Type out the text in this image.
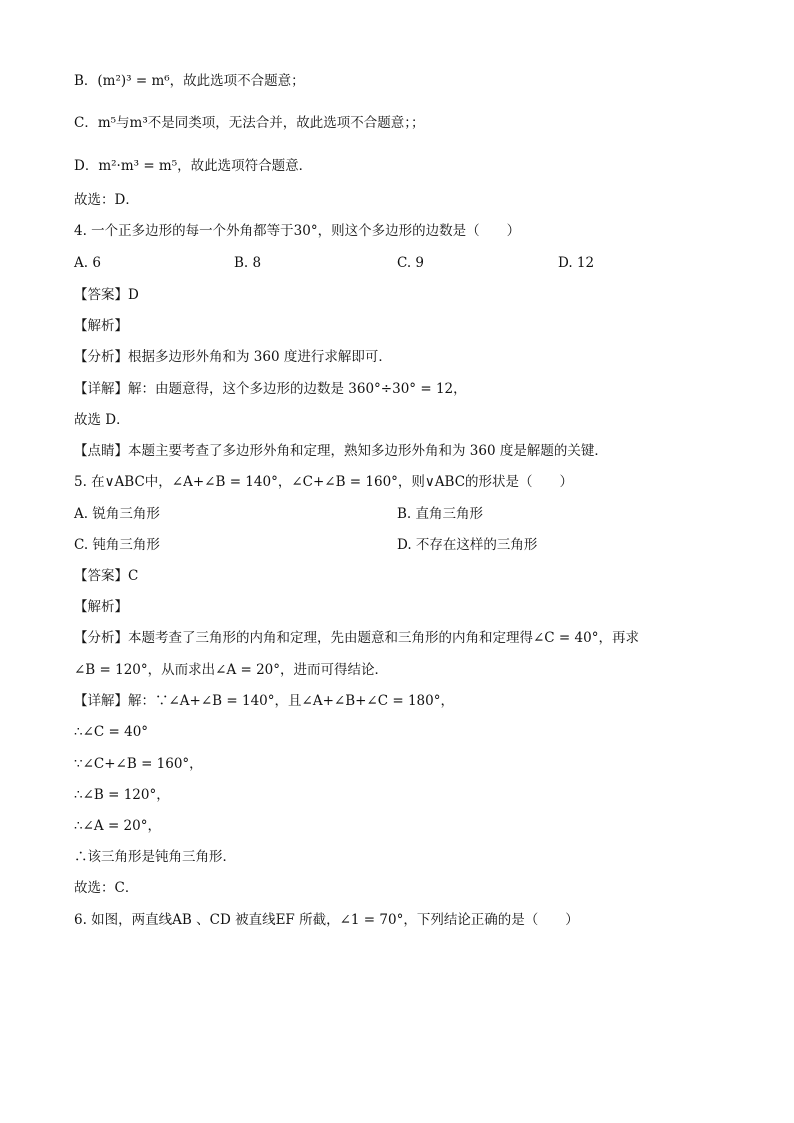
B．(m²)³ = m⁶，故此选项不合题意；
C．m⁵与m³不是同类项，无法合并，故此选项不合题意；；
D．m²·m³ = m⁵，故此选项符合题意．
故选：D．
4. 一个正多边形的每一个外角都等于30°，则这个多边形的边数是（　　）
A. 6	B. 8	C. 9	D. 12
【答案】D
【解析】
【分析】根据多边形外角和为 360 度进行求解即可．
【详解】解：由题意得，这个多边形的边数是 360°÷30° = 12，
故选 D．
【点睛】本题主要考查了多边形外角和定理，熟知多边形外角和为 360 度是解题的关键．
5. 在∨ABC中，∠A+∠B = 140°，∠C+∠B = 160°，则∨ABC的形状是（　　）
A. 锐角三角形	B. 直角三角形
C. 钝角三角形	D. 不存在这样的三角形
【答案】C
【解析】
【分析】本题考查了三角形的内角和定理，先由题意和三角形的内角和定理得∠C = 40°，再求
∠B = 120°，从而求出∠A = 20°，进而可得结论．
【详解】解：∵∠A+∠B = 140°，且∠A+∠B+∠C = 180°，
∴∠C = 40°
∵∠C+∠B = 160°，
∴∠B = 120°，
∴∠A = 20°，
∴该三角形是钝角三角形．
故选：C．
6. 如图，两直线AB 、CD 被直线EF 所截，∠1 = 70°，下列结论正确的是（　　）
